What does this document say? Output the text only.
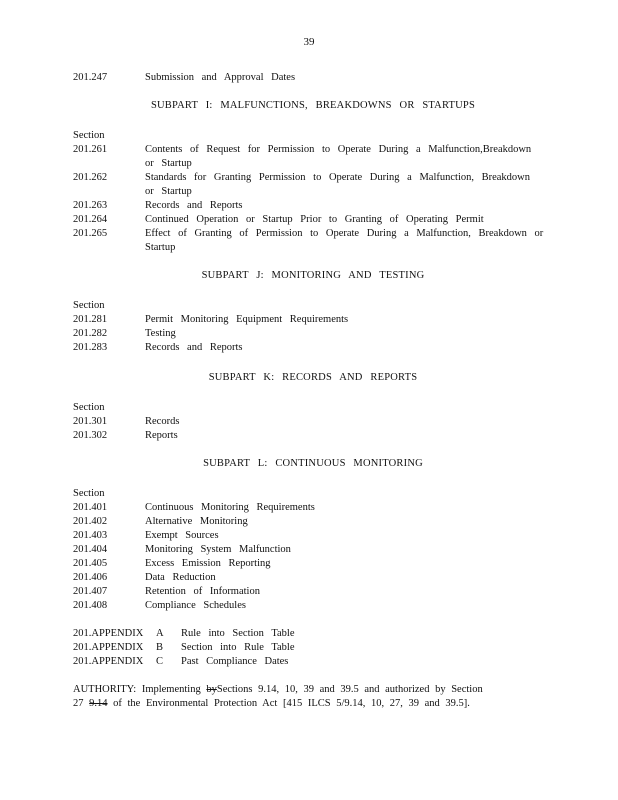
39
201.247	Submission and Approval Dates
SUBPART I: MALFUNCTIONS, BREAKDOWNS OR STARTUPS
Section
201.261	Contents of Request for Permission to Operate During a Malfunction,Breakdown
or Startup
201.262	Standards for Granting Permission to Operate During a Malfunction, Breakdown
or Startup
201.263	Records and Reports
201.264	Continued Operation or Startup Prior to Granting of Operating Permit
201.265	Effect of Granting of Permission to Operate During a Malfunction, Breakdown or
Startup
SUBPART J: MONITORING AND TESTING
Section
201.281	Permit Monitoring Equipment Requirements
201.282	Testing
201.283	Records and Reports
SUBPART K: RECORDS AND REPORTS
Section
201.301	Records
201.302	Reports
SUBPART L: CONTINUOUS MONITORING
Section
201.401	Continuous Monitoring Requirements
201.402	Alternative Monitoring
201.403	Exempt Sources
201.404	Monitoring System Malfunction
201.405	Excess Emission Reporting
201.406	Data Reduction
201.407	Retention of Information
201.408	Compliance Schedules
201.APPENDIX	A	Rule into Section Table
201.APPENDIX	B	Section into Rule Table
201.APPENDIX	C	Past Compliance Dates
AUTHORITY: Implementing bySections 9.14, 10, 39 and 39.5 and authorized by Section
27 9.14 of the Environmental Protection Act [415 ILCS 5/9.14, 10, 27, 39 and 39.5].
